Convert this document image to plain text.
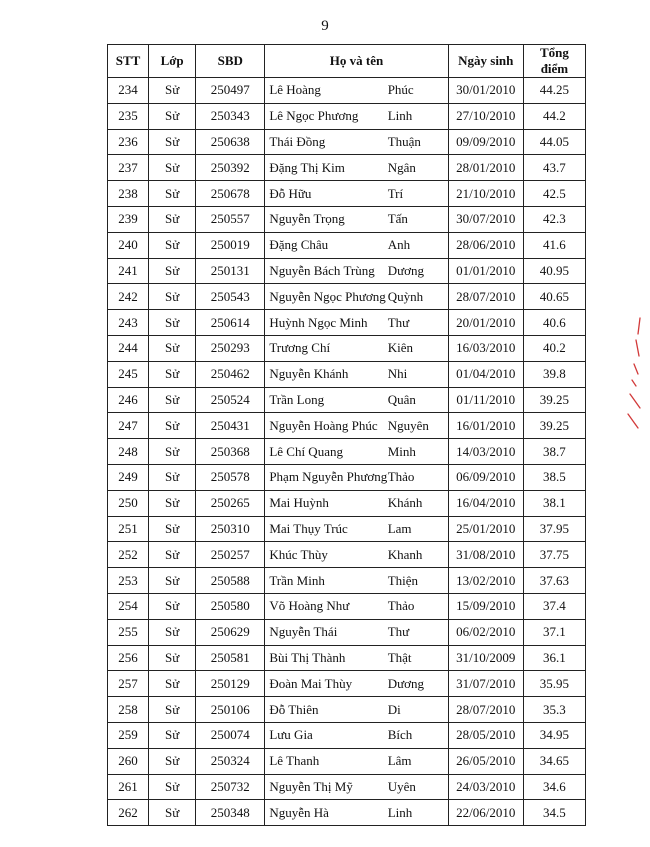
9
STT	Lớp	SBD	Họ và tên	Ngày sinh	Tổng điểm
234	Sử	250497	Lê Hoàng Phúc	30/01/2010	44.25
235	Sử	250343	Lê Ngọc Phương Linh	27/10/2010	44.2
236	Sử	250638	Thái Đồng Thuận	09/09/2010	44.05
237	Sử	250392	Đặng Thị Kim Ngân	28/01/2010	43.7
238	Sử	250678	Đỗ Hữu Trí	21/10/2010	42.5
239	Sử	250557	Nguyễn Trọng Tấn	30/07/2010	42.3
240	Sử	250019	Đặng Châu Anh	28/06/2010	41.6
241	Sử	250131	Nguyễn Bách Trùng Dương	01/01/2010	40.95
242	Sử	250543	Nguyễn Ngọc Phương Quỳnh	28/07/2010	40.65
243	Sử	250614	Huỳnh Ngọc Minh Thư	20/01/2010	40.6
244	Sử	250293	Trương Chí Kiên	16/03/2010	40.2
245	Sử	250462	Nguyễn Khánh Nhi	01/04/2010	39.8
246	Sử	250524	Trần Long Quân	01/11/2010	39.25
247	Sử	250431	Nguyễn Hoàng Phúc Nguyên	16/01/2010	39.25
248	Sử	250368	Lê Chí Quang Minh	14/03/2010	38.7
249	Sử	250578	Phạm Nguyễn Phương Thảo	06/09/2010	38.5
250	Sử	250265	Mai Huỳnh Khánh	16/04/2010	38.1
251	Sử	250310	Mai Thụy Trúc Lam	25/01/2010	37.95
252	Sử	250257	Khúc Thùy Khanh	31/08/2010	37.75
253	Sử	250588	Trần Minh Thiện	13/02/2010	37.63
254	Sử	250580	Võ Hoàng Như Thảo	15/09/2010	37.4
255	Sử	250629	Nguyễn Thái Thư	06/02/2010	37.1
256	Sử	250581	Bùi Thị Thành Thật	31/10/2009	36.1
257	Sử	250129	Đoàn Mai Thùy Dương	31/07/2010	35.95
258	Sử	250106	Đỗ Thiên Di	28/07/2010	35.3
259	Sử	250074	Lưu Gia Bích	28/05/2010	34.95
260	Sử	250324	Lê Thanh Lâm	26/05/2010	34.65
261	Sử	250732	Nguyễn Thị Mỹ Uyên	24/03/2010	34.6
262	Sử	250348	Nguyễn Hà Linh	22/06/2010	34.5
